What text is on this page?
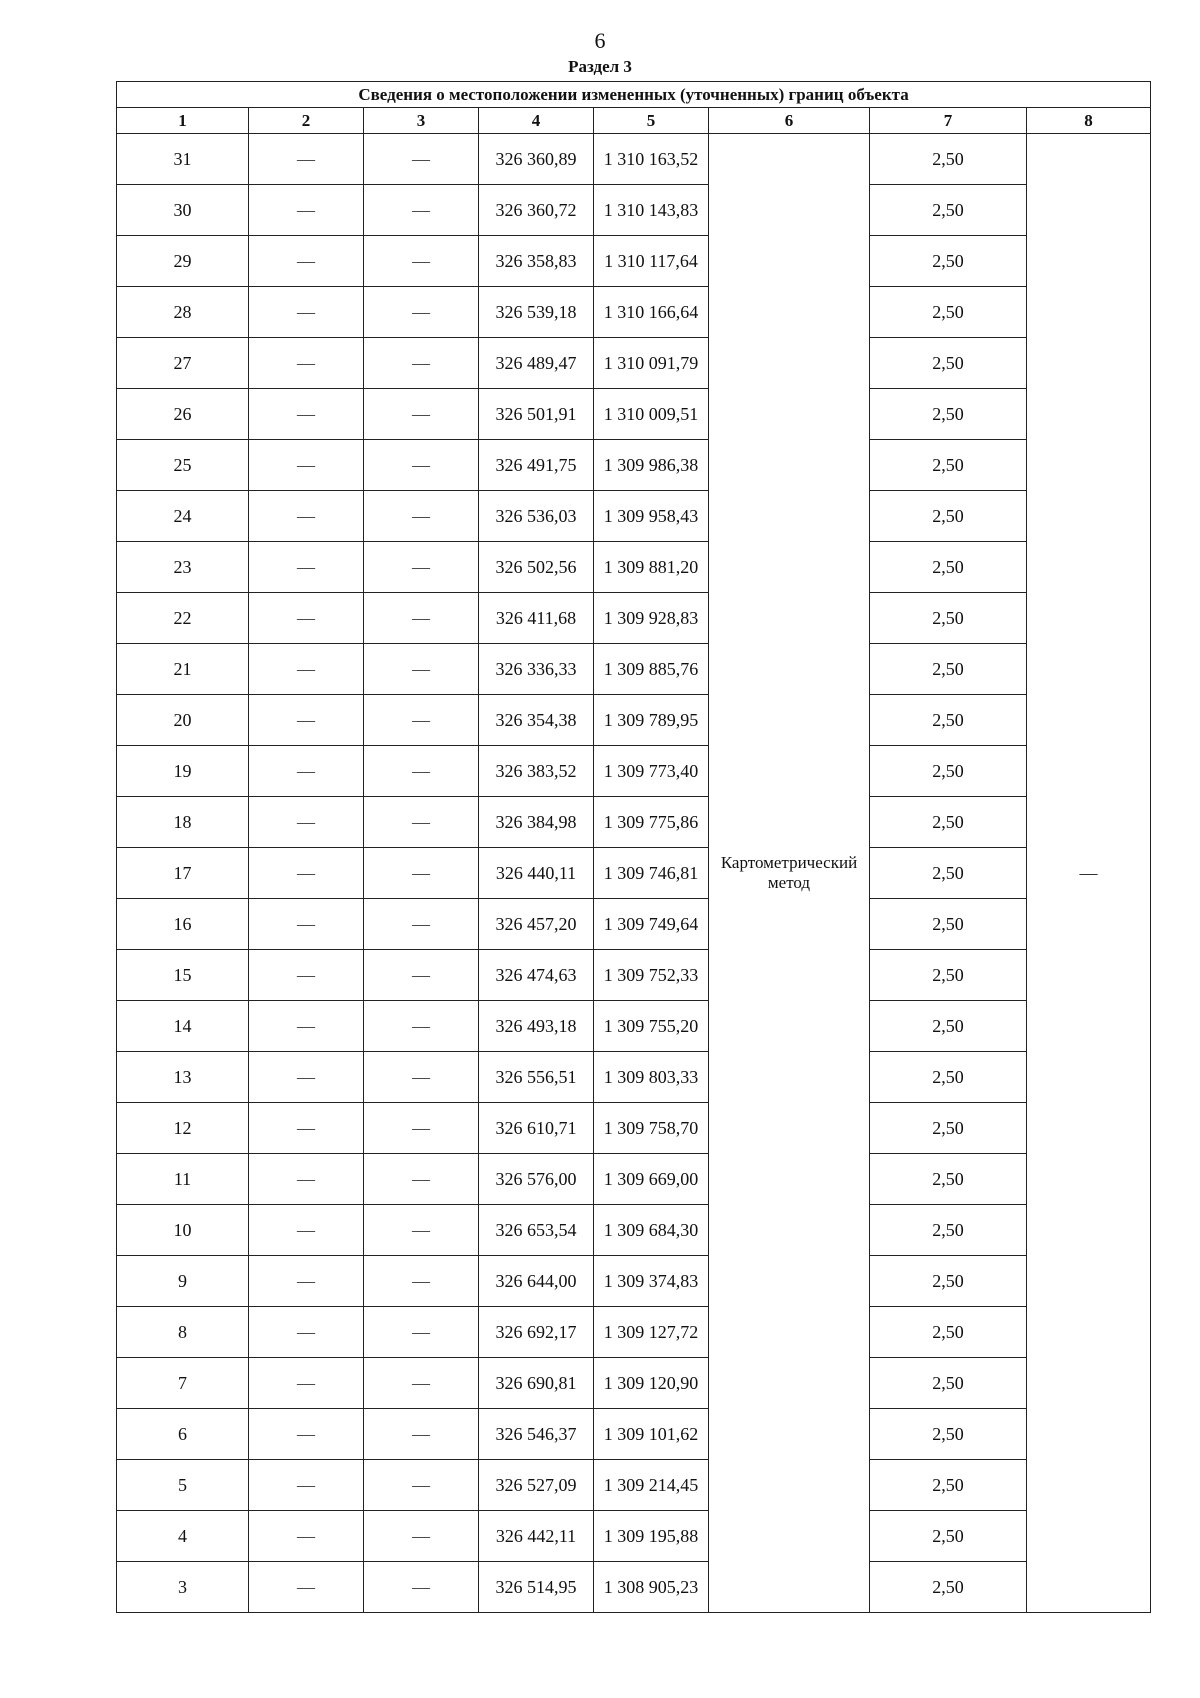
6
Раздел 3
Сведения о местоположении измененных (уточненных) границ объекта							
1	2	3	4	5	6	7	8
31	—	—	326 360,89	1 310 163,52	Картометрический метод	2,50	—
30	—	—	326 360,72	1 310 143,83		2,50	
29	—	—	326 358,83	1 310 117,64		2,50	
28	—	—	326 539,18	1 310 166,64		2,50	
27	—	—	326 489,47	1 310 091,79		2,50	
26	—	—	326 501,91	1 310 009,51		2,50	
25	—	—	326 491,75	1 309 986,38		2,50	
24	—	—	326 536,03	1 309 958,43		2,50	
23	—	—	326 502,56	1 309 881,20		2,50	
22	—	—	326 411,68	1 309 928,83		2,50	
21	—	—	326 336,33	1 309 885,76		2,50	
20	—	—	326 354,38	1 309 789,95		2,50	
19	—	—	326 383,52	1 309 773,40		2,50	
18	—	—	326 384,98	1 309 775,86		2,50	
17	—	—	326 440,11	1 309 746,81		2,50	
16	—	—	326 457,20	1 309 749,64		2,50	
15	—	—	326 474,63	1 309 752,33		2,50	
14	—	—	326 493,18	1 309 755,20		2,50	
13	—	—	326 556,51	1 309 803,33		2,50	
12	—	—	326 610,71	1 309 758,70		2,50	
11	—	—	326 576,00	1 309 669,00		2,50	
10	—	—	326 653,54	1 309 684,30		2,50	
9	—	—	326 644,00	1 309 374,83		2,50	
8	—	—	326 692,17	1 309 127,72		2,50	
7	—	—	326 690,81	1 309 120,90		2,50	
6	—	—	326 546,37	1 309 101,62		2,50	
5	—	—	326 527,09	1 309 214,45		2,50	
4	—	—	326 442,11	1 309 195,88		2,50	
3	—	—	326 514,95	1 308 905,23		2,50	
